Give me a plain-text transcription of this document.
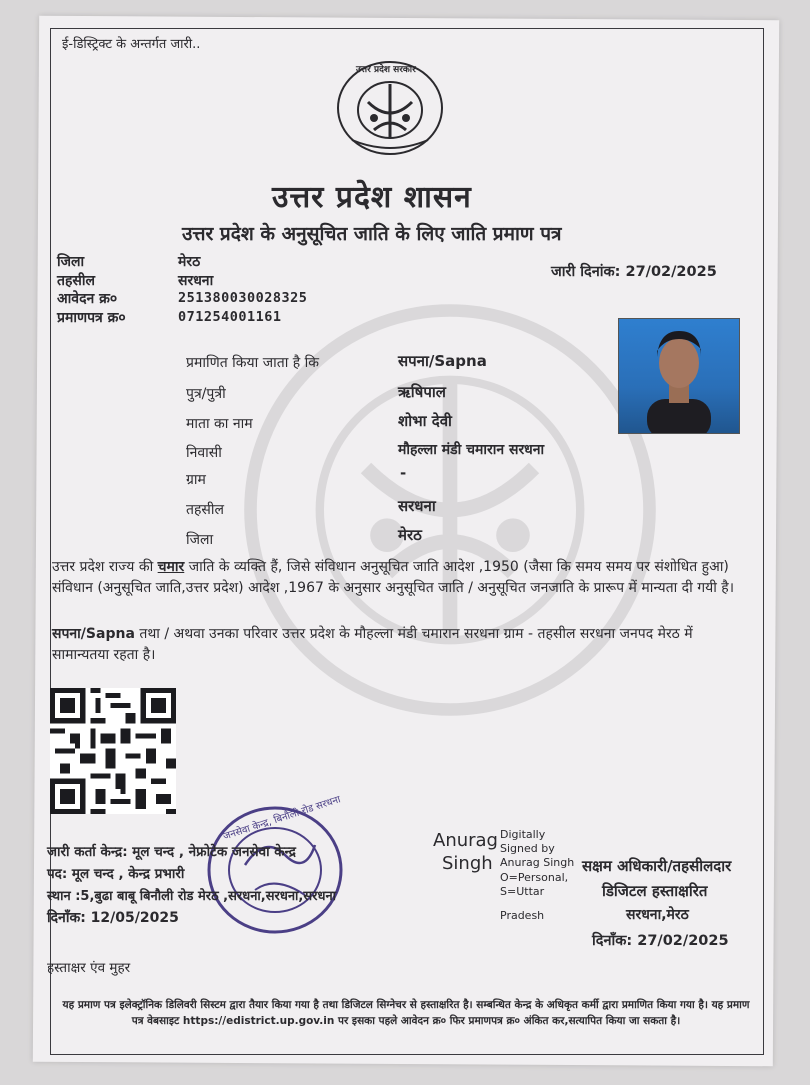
ई-डिस्ट्रिक्ट के अन्तर्गत जारी..
उत्तर प्रदेश सरकार
उत्तर प्रदेश शासन
उत्तर प्रदेश के अनुसूचित जाति के लिए जाति प्रमाण पत्र
जिला	मेरठ
तहसील	सरधना
आवेदन क्र०	251380030028325
प्रमाणपत्र क्र०	071254001161
जारी दिनांक: 27/02/2025
प्रमाणित किया जाता है कि	सपना/Sapna
पुत्र/पुत्री	ऋषिपाल
माता का नाम	शोभा देवी
निवासी	मौहल्ला मंडी चमारान सरधना
ग्राम	-
तहसील	सरधना
जिला	मेरठ
उत्तर प्रदेश राज्य की चमार जाति के व्यक्ति हैं, जिसे संविधान अनुसूचित जाति आदेश ,1950 (जैसा कि समय समय पर संशोधित हुआ) संविधान (अनुसूचित जाति,उत्तर प्रदेश) आदेश ,1967 के अनुसार अनुसूचित जाति / अनुसूचित जनजाति के प्रारूप में मान्यता दी गयी है।
सपना/Sapna तथा / अथवा उनका परिवार उत्तर प्रदेश के मौहल्ला मंडी चमारान सरधना ग्राम - तहसील सरधना जनपद मेरठ में सामान्यतया रहता है।
जनसेवा केन्द्र, बिनौली रोड सरधना
जारी कर्ता केन्द्र: मूल चन्द , नेफ्रोटेक जनसेवा केन्द्र
पद: मूल चन्द , केन्द्र प्रभारी
स्थान :5,बुढा बाबू बिनौली रोड मेरठ ,सरधना,सरधना,सरधना
दिनाँक: 12/05/2025
हस्ताक्षर एंव मुहर
Anurag
Singh
Digitally
Signed by
Anurag Singh
O=Personal,
S=Uttar
Pradesh
सक्षम अधिकारी/तहसीलदार
डिजिटल हस्ताक्षरित
सरधना,मेरठ
दिनाँक: 27/02/2025
यह प्रमाण पत्र इलेक्ट्रॉनिक डिलिवरी सिस्टम द्वारा तैयार किया गया है तथा डिजिटल सिग्नेचर से हस्ताक्षरित है। सम्बन्धित केन्द्र के अधिकृत कर्मी द्वारा प्रमाणित किया गया है। यह प्रमाण पत्र वेबसाइट https://edistrict.up.gov.in पर इसका पहले आवेदन क्र० फिर प्रमाणपत्र क्र० अंकित कर,सत्यापित किया जा सकता है।
